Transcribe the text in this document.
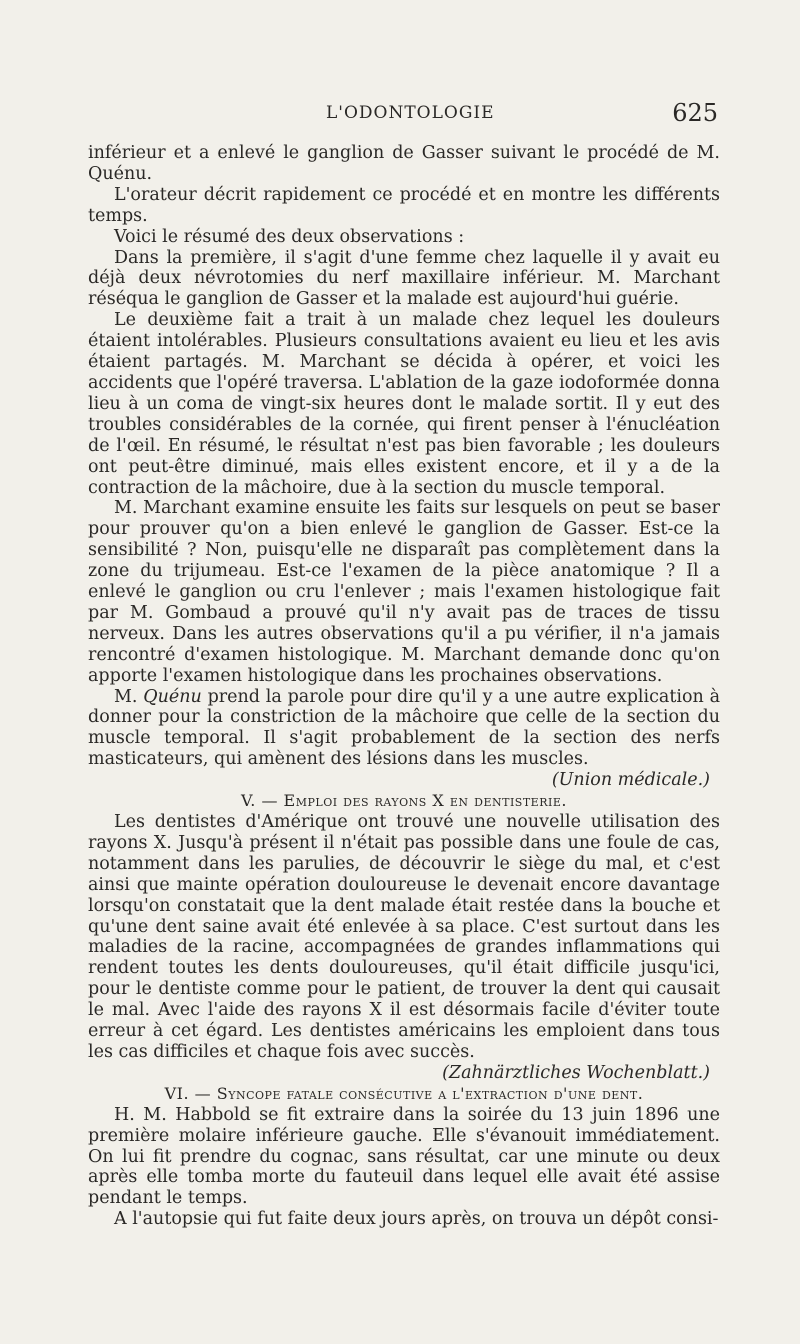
L'ODONTOLOGIE	625

inférieur et a enlevé le ganglion de Gasser suivant le procédé de M. Quénu.

L'orateur décrit rapidement ce procédé et en montre les différents temps.

Voici le résumé des deux observations :

Dans la première, il s'agit d'une femme chez laquelle il y avait eu déjà deux névrotomies du nerf maxillaire inférieur. M. Marchant réséqua le ganglion de Gasser et la malade est aujourd'hui guérie.

Le deuxième fait a trait à un malade chez lequel les douleurs étaient intolérables. Plusieurs consultations avaient eu lieu et les avis étaient partagés. M. Marchant se décida à opérer, et voici les accidents que l'opéré traversa. L'ablation de la gaze iodoformée donna lieu à un coma de vingt-six heures dont le malade sortit. Il y eut des troubles considérables de la cornée, qui firent penser à l'énucléation de l'œil. En résumé, le résultat n'est pas bien favorable ; les douleurs ont peut-être diminué, mais elles existent encore, et il y a de la contraction de la mâchoire, due à la section du muscle temporal.

M. Marchant examine ensuite les faits sur lesquels on peut se baser pour prouver qu'on a bien enlevé le ganglion de Gasser. Est-ce la sensibilité ? Non, puisqu'elle ne disparaît pas complètement dans la zone du trijumeau. Est-ce l'examen de la pièce anatomique ? Il a enlevé le ganglion ou cru l'enlever ; mais l'examen histologique fait par M. Gombaud a prouvé qu'il n'y avait pas de traces de tissu nerveux. Dans les autres observations qu'il a pu vérifier, il n'a jamais rencontré d'examen histologique. M. Marchant demande donc qu'on apporte l'examen histologique dans les prochaines observations.

M. Quénu prend la parole pour dire qu'il y a une autre explication à donner pour la constriction de la mâchoire que celle de la section du muscle temporal. Il s'agit probablement de la section des nerfs masticateurs, qui amènent des lésions dans les muscles.

(Union médicale.)

V. — Emploi des rayons X en dentisterie.

Les dentistes d'Amérique ont trouvé une nouvelle utilisation des rayons X. Jusqu'à présent il n'était pas possible dans une foule de cas, notamment dans les parulies, de découvrir le siège du mal, et c'est ainsi que mainte opération douloureuse le devenait encore davantage lorsqu'on constatait que la dent malade était restée dans la bouche et qu'une dent saine avait été enlevée à sa place. C'est surtout dans les maladies de la racine, accompagnées de grandes inflammations qui rendent toutes les dents douloureuses, qu'il était difficile jusqu'ici, pour le dentiste comme pour le patient, de trouver la dent qui causait le mal. Avec l'aide des rayons X il est désormais facile d'éviter toute erreur à cet égard. Les dentistes américains les emploient dans tous les cas difficiles et chaque fois avec succès.

(Zahnärztliches Wochenblatt.)

VI. — Syncope fatale consécutive a l'extraction d'une dent.

H. M. Habbold se fit extraire dans la soirée du 13 juin 1896 une première molaire inférieure gauche. Elle s'évanouit immédiatement. On lui fit prendre du cognac, sans résultat, car une minute ou deux après elle tomba morte du fauteuil dans lequel elle avait été assise pendant le temps.

A l'autopsie qui fut faite deux jours après, on trouva un dépôt consi-
